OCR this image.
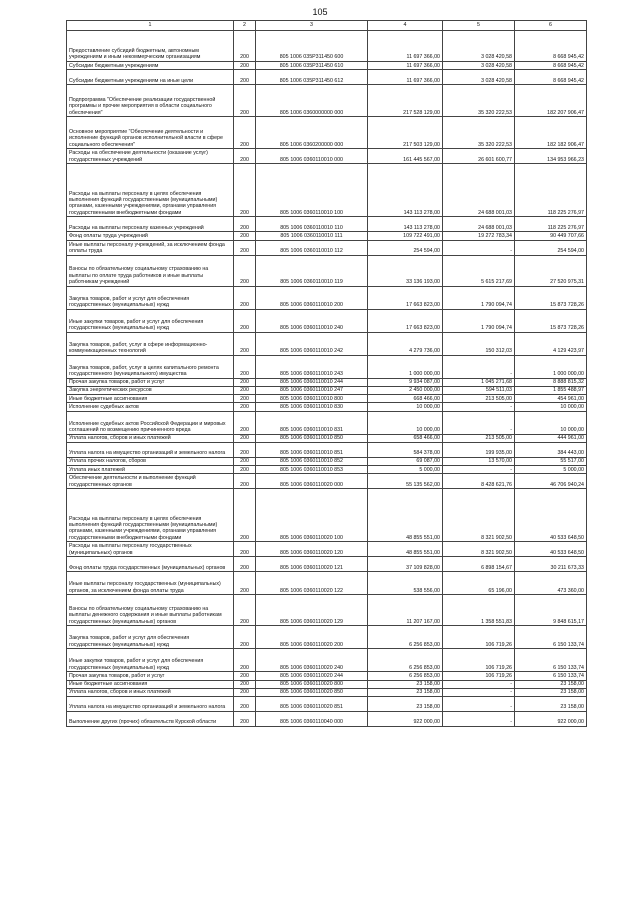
105
1	2	3	4	5	6
Предоставление субсидий бюджетным, автономным учреждениям и иным некоммерческим организациям	200	805 1006 035Р311450 600	11 697 366,00	3 028 420,58	8 668 945,42
Субсидии бюджетным учреждениям	200	805 1006 035Р311450 610	11 697 366,00	3 028 420,58	8 668 945,42
Субсидии бюджетным учреждениям на иные цели	200	805 1006 035Р311450 612	11 697 366,00	3 028 420,58	8 668 945,42
Подпрограмма "Обеспечение реализации государственной программы и прочие мероприятия в области социального обеспечения"	200	805 1006 0360000000 000	217 528 129,00	35 320 222,53	182 207 906,47
Основное мероприятие "Обеспечение деятельности и исполнение функций органов исполнительной власти в сфере социального обеспечения"	200	805 1006 0360200000 000	217 503 129,00	35 320 222,53	182 182 906,47
Расходы на обеспечение деятельности (оказание услуг) государственных учреждений	200	805 1006 0360110010 000	161 445 567,00	26 601 600,77	134 953 966,23
Расходы на выплаты персоналу в целях обеспечения выполнения функций государственными (муниципальными) органами, казенными учреждениями, органами управления государственными внебюджетными фондами	200	805 1006 0360110010 100	143 113 278,00	24 688 001,03	118 225 276,97
Расходы на выплаты персоналу казенных учреждений	200	805 1006 0360110010 110	143 113 278,00	24 688 001,03	118 225 276,97
Фонд оплаты труда учреждений	200	805 1006 0360110010 111	109 722 491,00	19 272 783,34	90 449 707,66
Иные выплаты персоналу учреждений, за исключением фонда оплаты труда	200	805 1006 0360110010 112	254 594,00	-	254 594,00
Взносы по обязательному социальному страхованию на выплаты по оплате труда работников и иные выплаты работникам учреждений	200	805 1006 0360110010 119	33 136 193,00	5 615 217,69	27 520 975,31
Закупка товаров, работ и услуг для обеспечения государственных (муниципальных) нужд	200	805 1006 0360110010 200	17 663 823,00	1 790 094,74	15 873 728,26
Иные закупки товаров, работ и услуг для обеспечения государственных (муниципальных) нужд	200	805 1006 0360110010 240	17 663 823,00	1 790 094,74	15 873 728,26
Закупка товаров, работ, услуг в сфере информационно-коммуникационных технологий	200	805 1006 0360110010 242	4 279 736,00	150 312,03	4 129 423,97
Закупка товаров, работ, услуг в целях капитального ремонта государственного (муниципального) имущества	200	805 1006 0360110010 243	1 000 000,00	-	1 000 000,00
Прочая закупка товаров, работ и услуг	200	805 1006 0360110010 244	9 934 087,00	1 045 271,68	8 888 815,32
Закупка энергетических ресурсов	200	805 1006 0360110010 247	2 450 000,00	594 511,03	1 855 488,97
Иные бюджетные ассигнования	200	805 1006 0360110010 800	668 466,00	213 505,00	454 961,00
Исполнение судебных актов	200	805 1006 0360110010 830	10 000,00	-	10 000,00
Исполнение судебных актов Российской Федерации и мировых соглашений по возмещению причиненного вреда	200	805 1006 0360110010 831	10 000,00	-	10 000,00
Уплата налогов, сборов и иных платежей	200	805 1006 0360110010 850	658 466,00	213 505,00	444 961,00
Уплата налога на имущество организаций и земельного налога	200	805 1006 0360110010 851	584 378,00	199 935,00	384 443,00
Уплата прочих налогов, сборов	200	805 1006 0360110010 852	69 087,00	13 570,00	55 517,00
Уплата иных платежей	200	805 1006 0360110010 853	5 000,00	-	5 000,00
Обеспечение деятельности и выполнение функций государственных органов	200	805 1006 0360110020 000	55 135 562,00	8 428 621,76	46 706 940,24
Расходы на выплаты персоналу в целях обеспечения выполнения функций государственными (муниципальными) органами, казенными учреждениями, органами управления государственными внебюджетными фондами	200	805 1006 0360110020 100	48 855 551,00	8 321 902,50	40 533 648,50
Расходы на выплаты персоналу государственных (муниципальных) органов	200	805 1006 0360110020 120	48 855 551,00	8 321 902,50	40 533 648,50
Фонд оплаты труда государственных (муниципальных) органов	200	805 1006 0360110020 121	37 109 828,00	6 898 154,67	30 211 673,33
Иные выплаты персоналу государственных (муниципальных) органов, за исключением фонда оплаты труда	200	805 1006 0360110020 122	538 556,00	65 196,00	473 360,00
Взносы по обязательному социальному страхованию на выплаты денежного содержания и иные выплаты работникам государственных (муниципальных) органов	200	805 1006 0360110020 129	11 207 167,00	1 358 551,83	9 848 615,17
Закупка товаров, работ и услуг для обеспечения государственных (муниципальных) нужд	200	805 1006 0360110020 200	6 256 853,00	106 719,26	6 150 133,74
Иные закупки товаров, работ и услуг для обеспечения государственных (муниципальных) нужд	200	805 1006 0360110020 240	6 256 853,00	106 719,26	6 150 133,74
Прочая закупка товаров, работ и услуг	200	805 1006 0360110020 244	6 256 853,00	106 719,26	6 150 133,74
Иные бюджетные ассигнования	200	805 1006 0360110020 800	23 158,00	-	23 158,00
Уплата налогов, сборов и иных платежей	200	805 1006 0360110020 850	23 158,00	-	23 158,00
Уплата налога на имущество организаций и земельного налога	200	805 1006 0360110020 851	23 158,00	-	23 158,00
Выполнение других (прочих) обязательств Курской области	200	805 1006 0360110040 000	922 000,00	-	922 000,00
